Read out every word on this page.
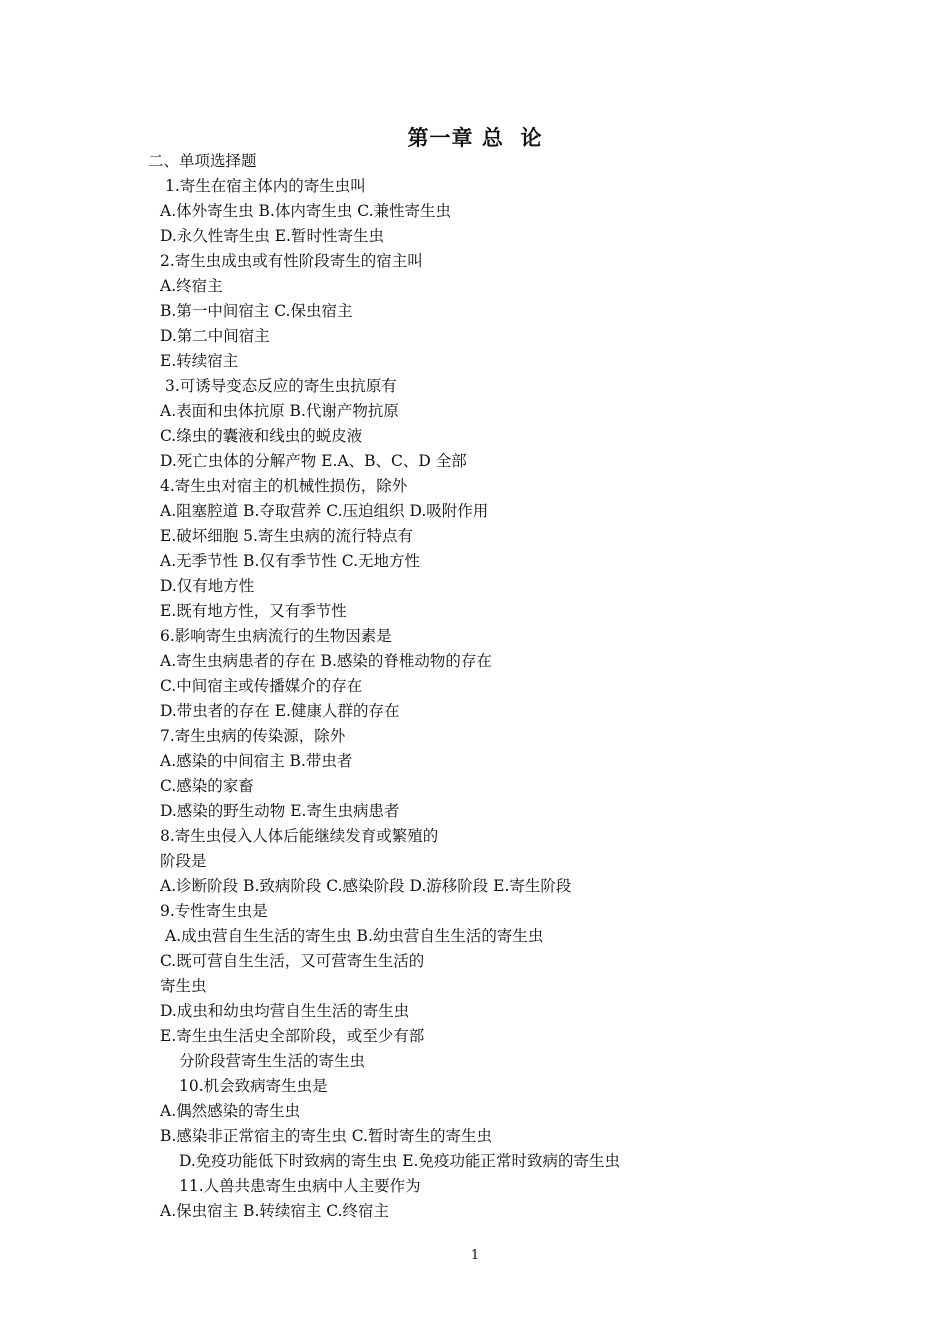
第一章 总  论
二、单项选择题
1.寄生在宿主体内的寄生虫叫
A.体外寄生虫 B.体内寄生虫 C.兼性寄生虫
D.永久性寄生虫 E.暂时性寄生虫
2.寄生虫成虫或有性阶段寄生的宿主叫
A.终宿主
B.第一中间宿主 C.保虫宿主
D.第二中间宿主
E.转续宿主
3.可诱导变态反应的寄生虫抗原有
A.表面和虫体抗原 B.代谢产物抗原
C.绦虫的囊液和线虫的蜕皮液
D.死亡虫体的分解产物 E.A、B、C、D 全部
4.寄生虫对宿主的机械性损伤，除外
A.阻塞腔道 B.夺取营养 C.压迫组织 D.吸附作用
E.破坏细胞 5.寄生虫病的流行特点有
A.无季节性 B.仅有季节性 C.无地方性
D.仅有地方性
E.既有地方性，又有季节性
6.影响寄生虫病流行的生物因素是
A.寄生虫病患者的存在 B.感染的脊椎动物的存在
C.中间宿主或传播媒介的存在
D.带虫者的存在 E.健康人群的存在
7.寄生虫病的传染源，除外
A.感染的中间宿主 B.带虫者
C.感染的家畜
D.感染的野生动物 E.寄生虫病患者
8.寄生虫侵入人体后能继续发育或繁殖的
阶段是
A.诊断阶段 B.致病阶段 C.感染阶段 D.游移阶段 E.寄生阶段
9.专性寄生虫是
A.成虫营自生生活的寄生虫 B.幼虫营自生生活的寄生虫
C.既可营自生生活，又可营寄生生活的
寄生虫
D.成虫和幼虫均营自生生活的寄生虫
E.寄生虫生活史全部阶段，或至少有部
分阶段营寄生生活的寄生虫
10.机会致病寄生虫是
A.偶然感染的寄生虫
B.感染非正常宿主的寄生虫 C.暂时寄生的寄生虫
D.免疫功能低下时致病的寄生虫 E.免疫功能正常时致病的寄生虫
11.人兽共患寄生虫病中人主要作为
A.保虫宿主 B.转续宿主 C.终宿主
1
